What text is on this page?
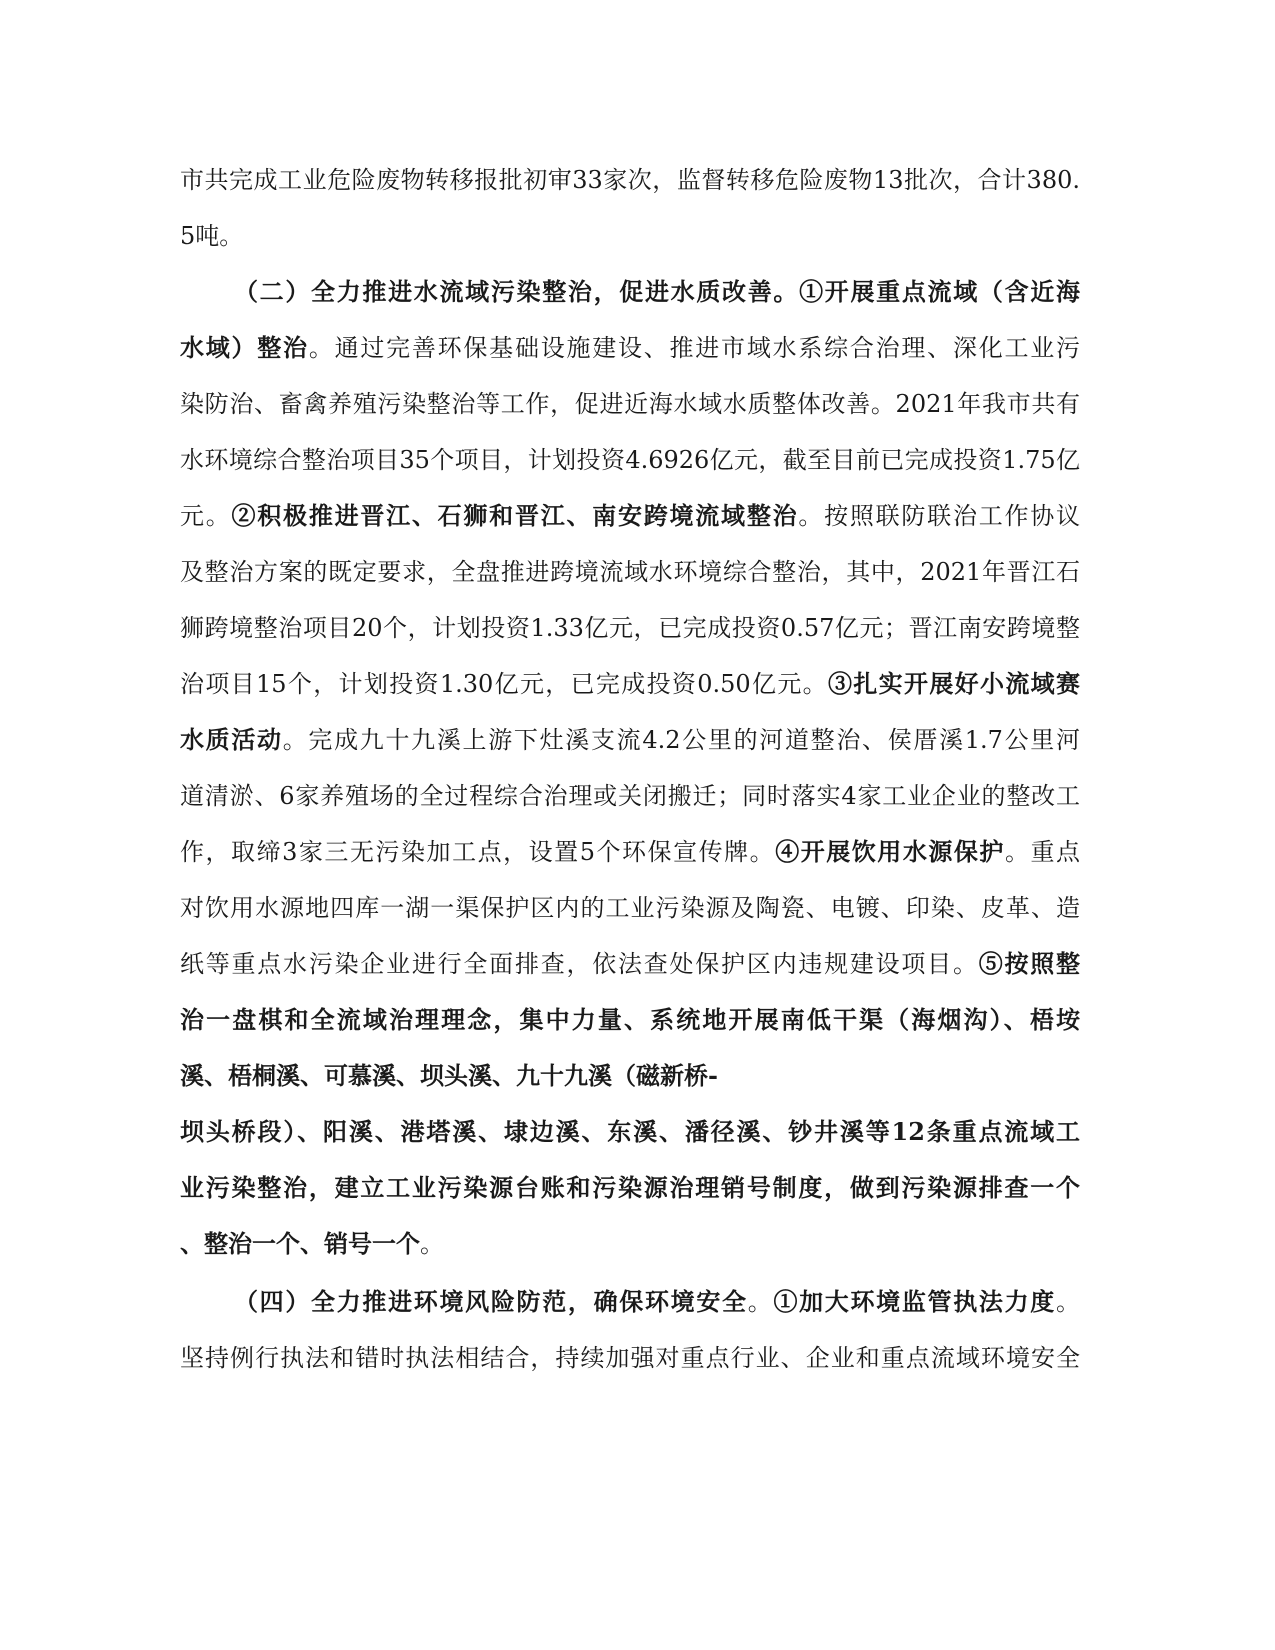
市共完成工业危险废物转移报批初审33家次，监督转移危险废物13批次，合计380.
5吨。
（二）全力推进水流域污染整治，促进水质改善。①开展重点流域（含近海
水域）整治。通过完善环保基础设施建设、推进市域水系综合治理、深化工业污
染防治、畜禽养殖污染整治等工作，促进近海水域水质整体改善。2021年我市共有
水环境综合整治项目35个项目，计划投资4.6926亿元，截至目前已完成投资1.75亿
元。②积极推进晋江、石狮和晋江、南安跨境流域整治。按照联防联治工作协议
及整治方案的既定要求，全盘推进跨境流域水环境综合整治，其中，2021年晋江石
狮跨境整治项目20个，计划投资1.33亿元，已完成投资0.57亿元；晋江南安跨境整
治项目15个，计划投资1.30亿元，已完成投资0.50亿元。③扎实开展好小流域赛
水质活动。完成九十九溪上游下灶溪支流4.2公里的河道整治、侯厝溪1.7公里河
道清淤、6家养殖场的全过程综合治理或关闭搬迁；同时落实4家工业企业的整改工
作，取缔3家三无污染加工点，设置5个环保宣传牌。④开展饮用水源保护。重点
对饮用水源地四库一湖一渠保护区内的工业污染源及陶瓷、电镀、印染、皮革、造
纸等重点水污染企业进行全面排查，依法查处保护区内违规建设项目。⑤按照整
治一盘棋和全流域治理理念，集中力量、系统地开展南低干渠（海烟沟）、梧垵
溪、梧桐溪、可慕溪、坝头溪、九十九溪（磁新桥-
坝头桥段）、阳溪、港塔溪、埭边溪、东溪、潘径溪、钞井溪等12条重点流域工
业污染整治，建立工业污染源台账和污染源治理销号制度，做到污染源排查一个
、整治一个、销号一个。
（四）全力推进环境风险防范，确保环境安全。①加大环境监管执法力度。
坚持例行执法和错时执法相结合，持续加强对重点行业、企业和重点流域环境安全
